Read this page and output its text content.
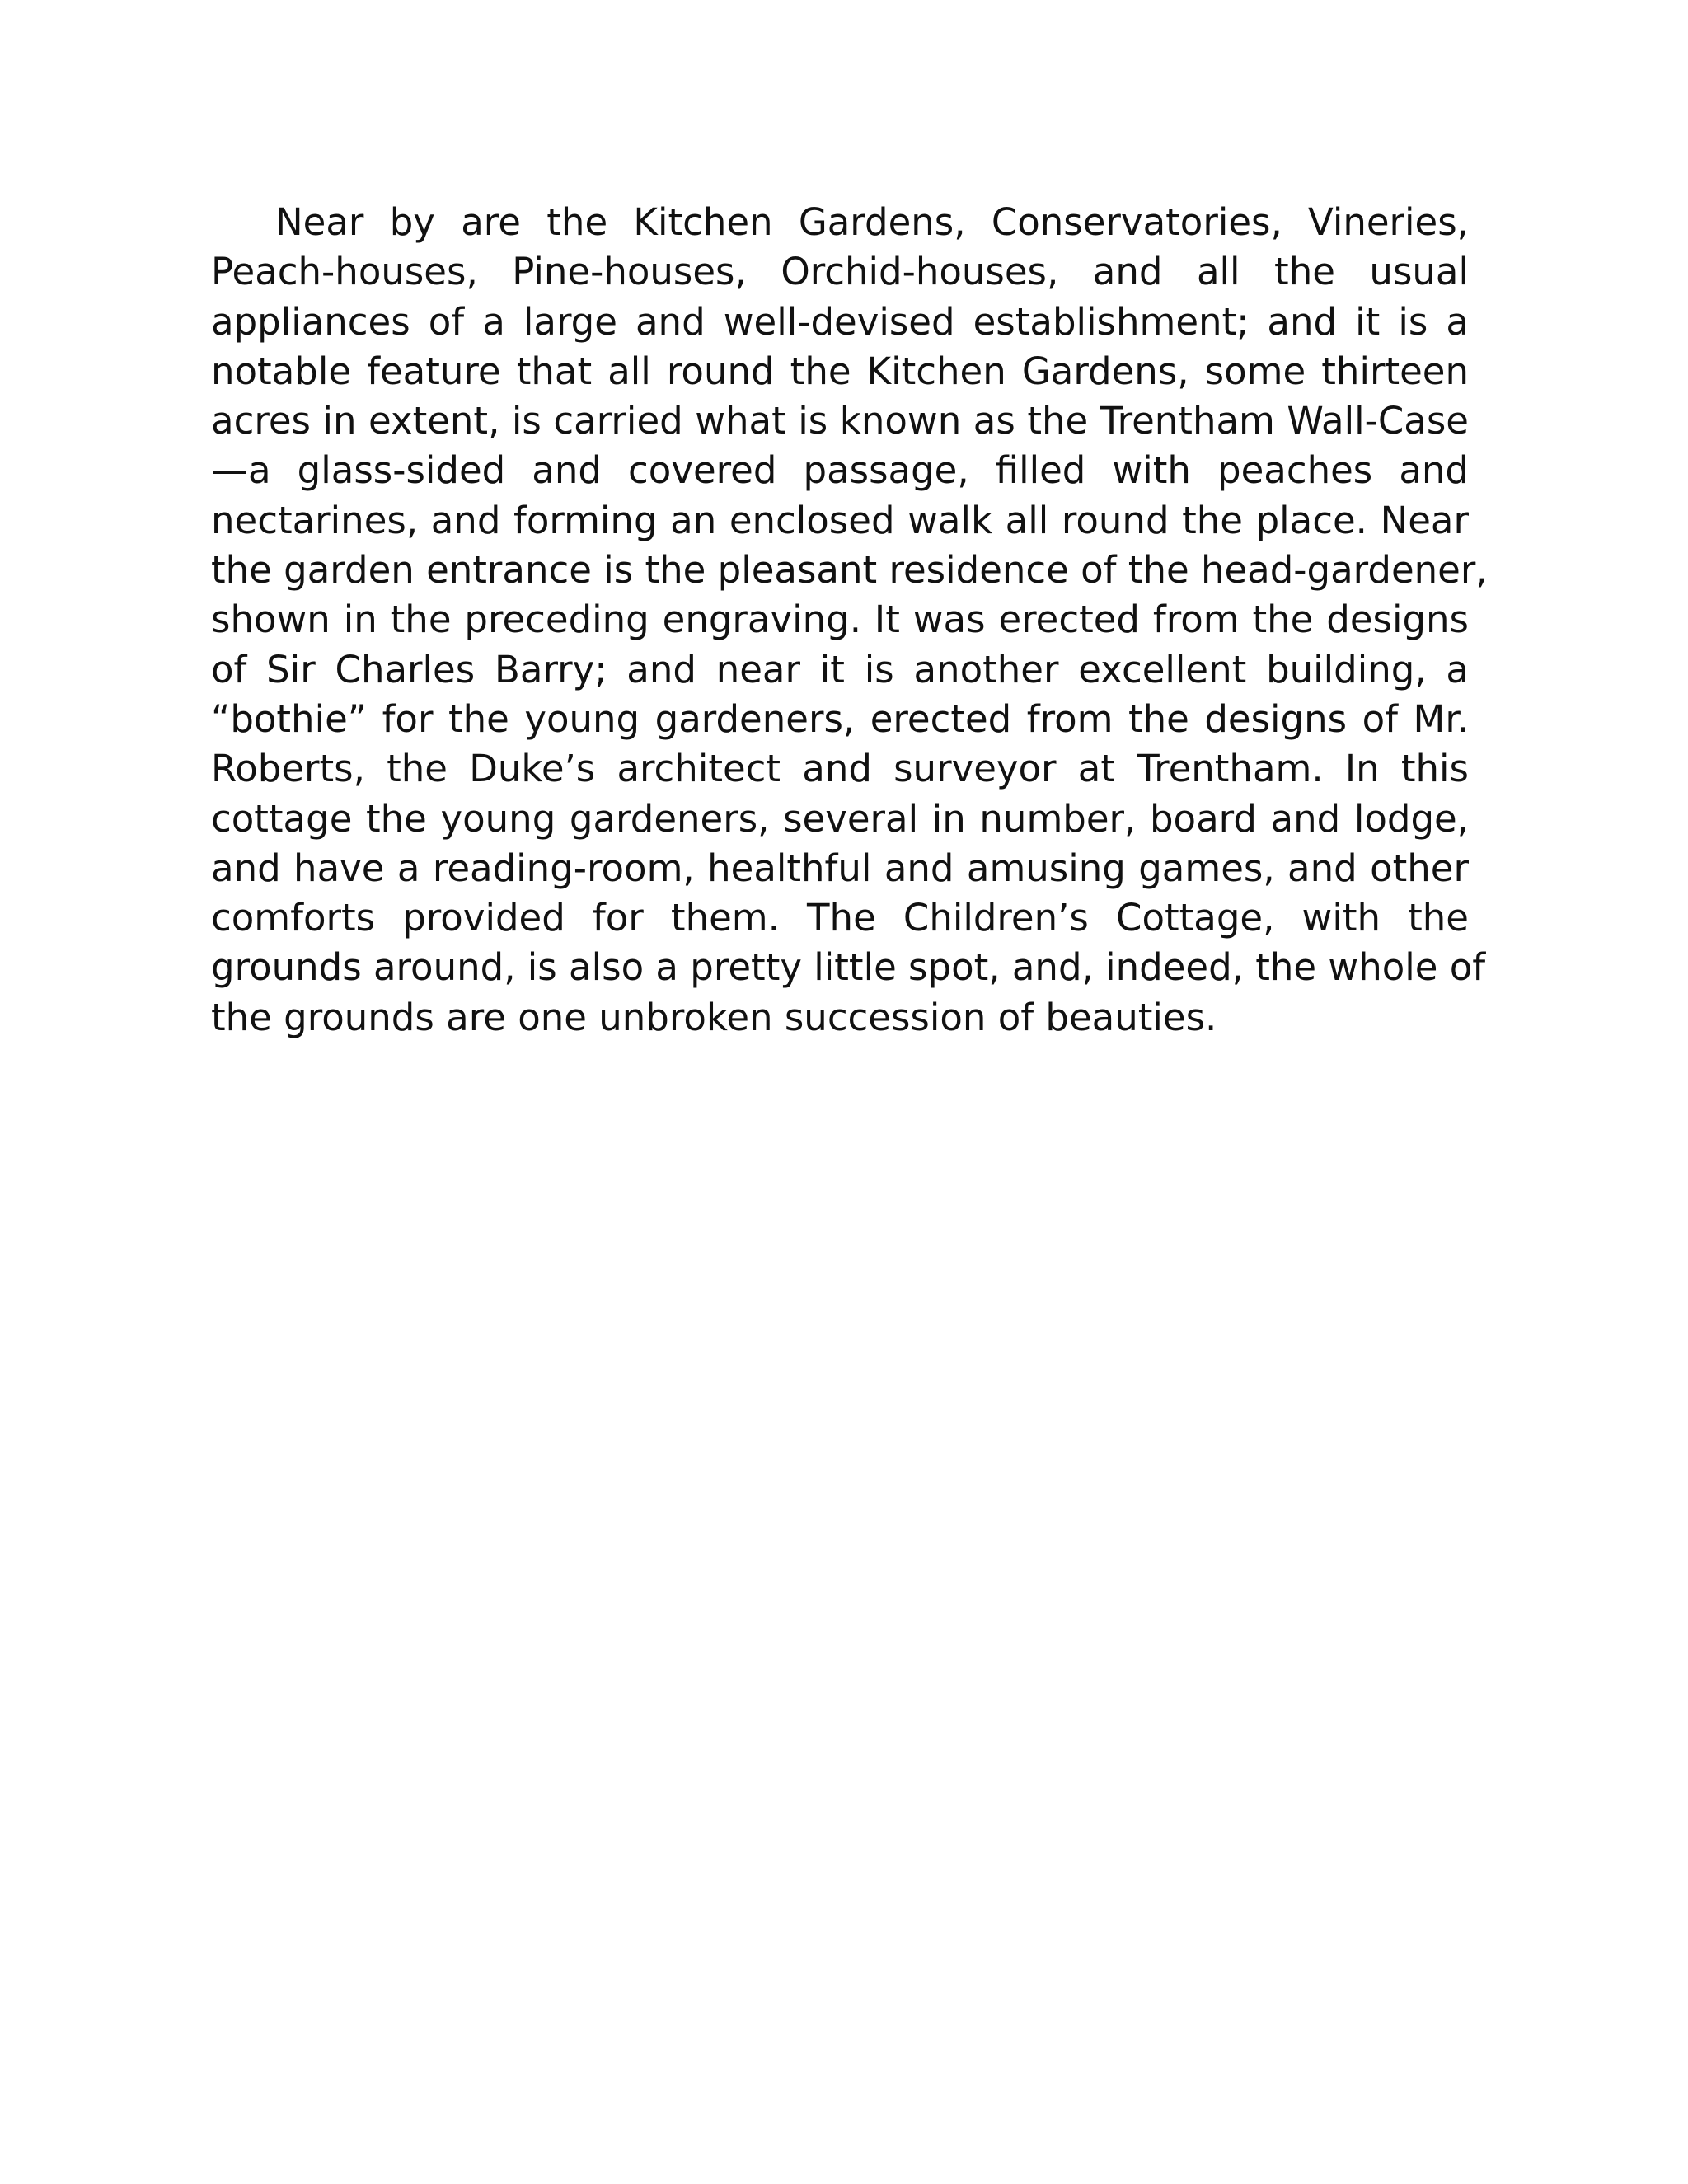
Near by are the Kitchen Gardens, Conservatories, Vineries,
Peach-houses, Pine-houses, Orchid-houses, and all the usual
appliances of a large and well-devised establishment; and it is a
notable feature that all round the Kitchen Gardens, some thirteen
acres in extent, is carried what is known as the Trentham Wall-Case
—a glass-sided and covered passage, filled with peaches and
nectarines, and forming an enclosed walk all round the place. Near
the garden entrance is the pleasant residence of the head-gardener,
shown in the preceding engraving. It was erected from the designs
of Sir Charles Barry; and near it is another excellent building, a
“bothie” for the young gardeners, erected from the designs of Mr.
Roberts, the Duke’s architect and surveyor at Trentham. In this
cottage the young gardeners, several in number, board and lodge,
and have a reading-room, healthful and amusing games, and other
comforts provided for them. The Children’s Cottage, with the
grounds around, is also a pretty little spot, and, indeed, the whole of
the grounds are one unbroken succession of beauties.
